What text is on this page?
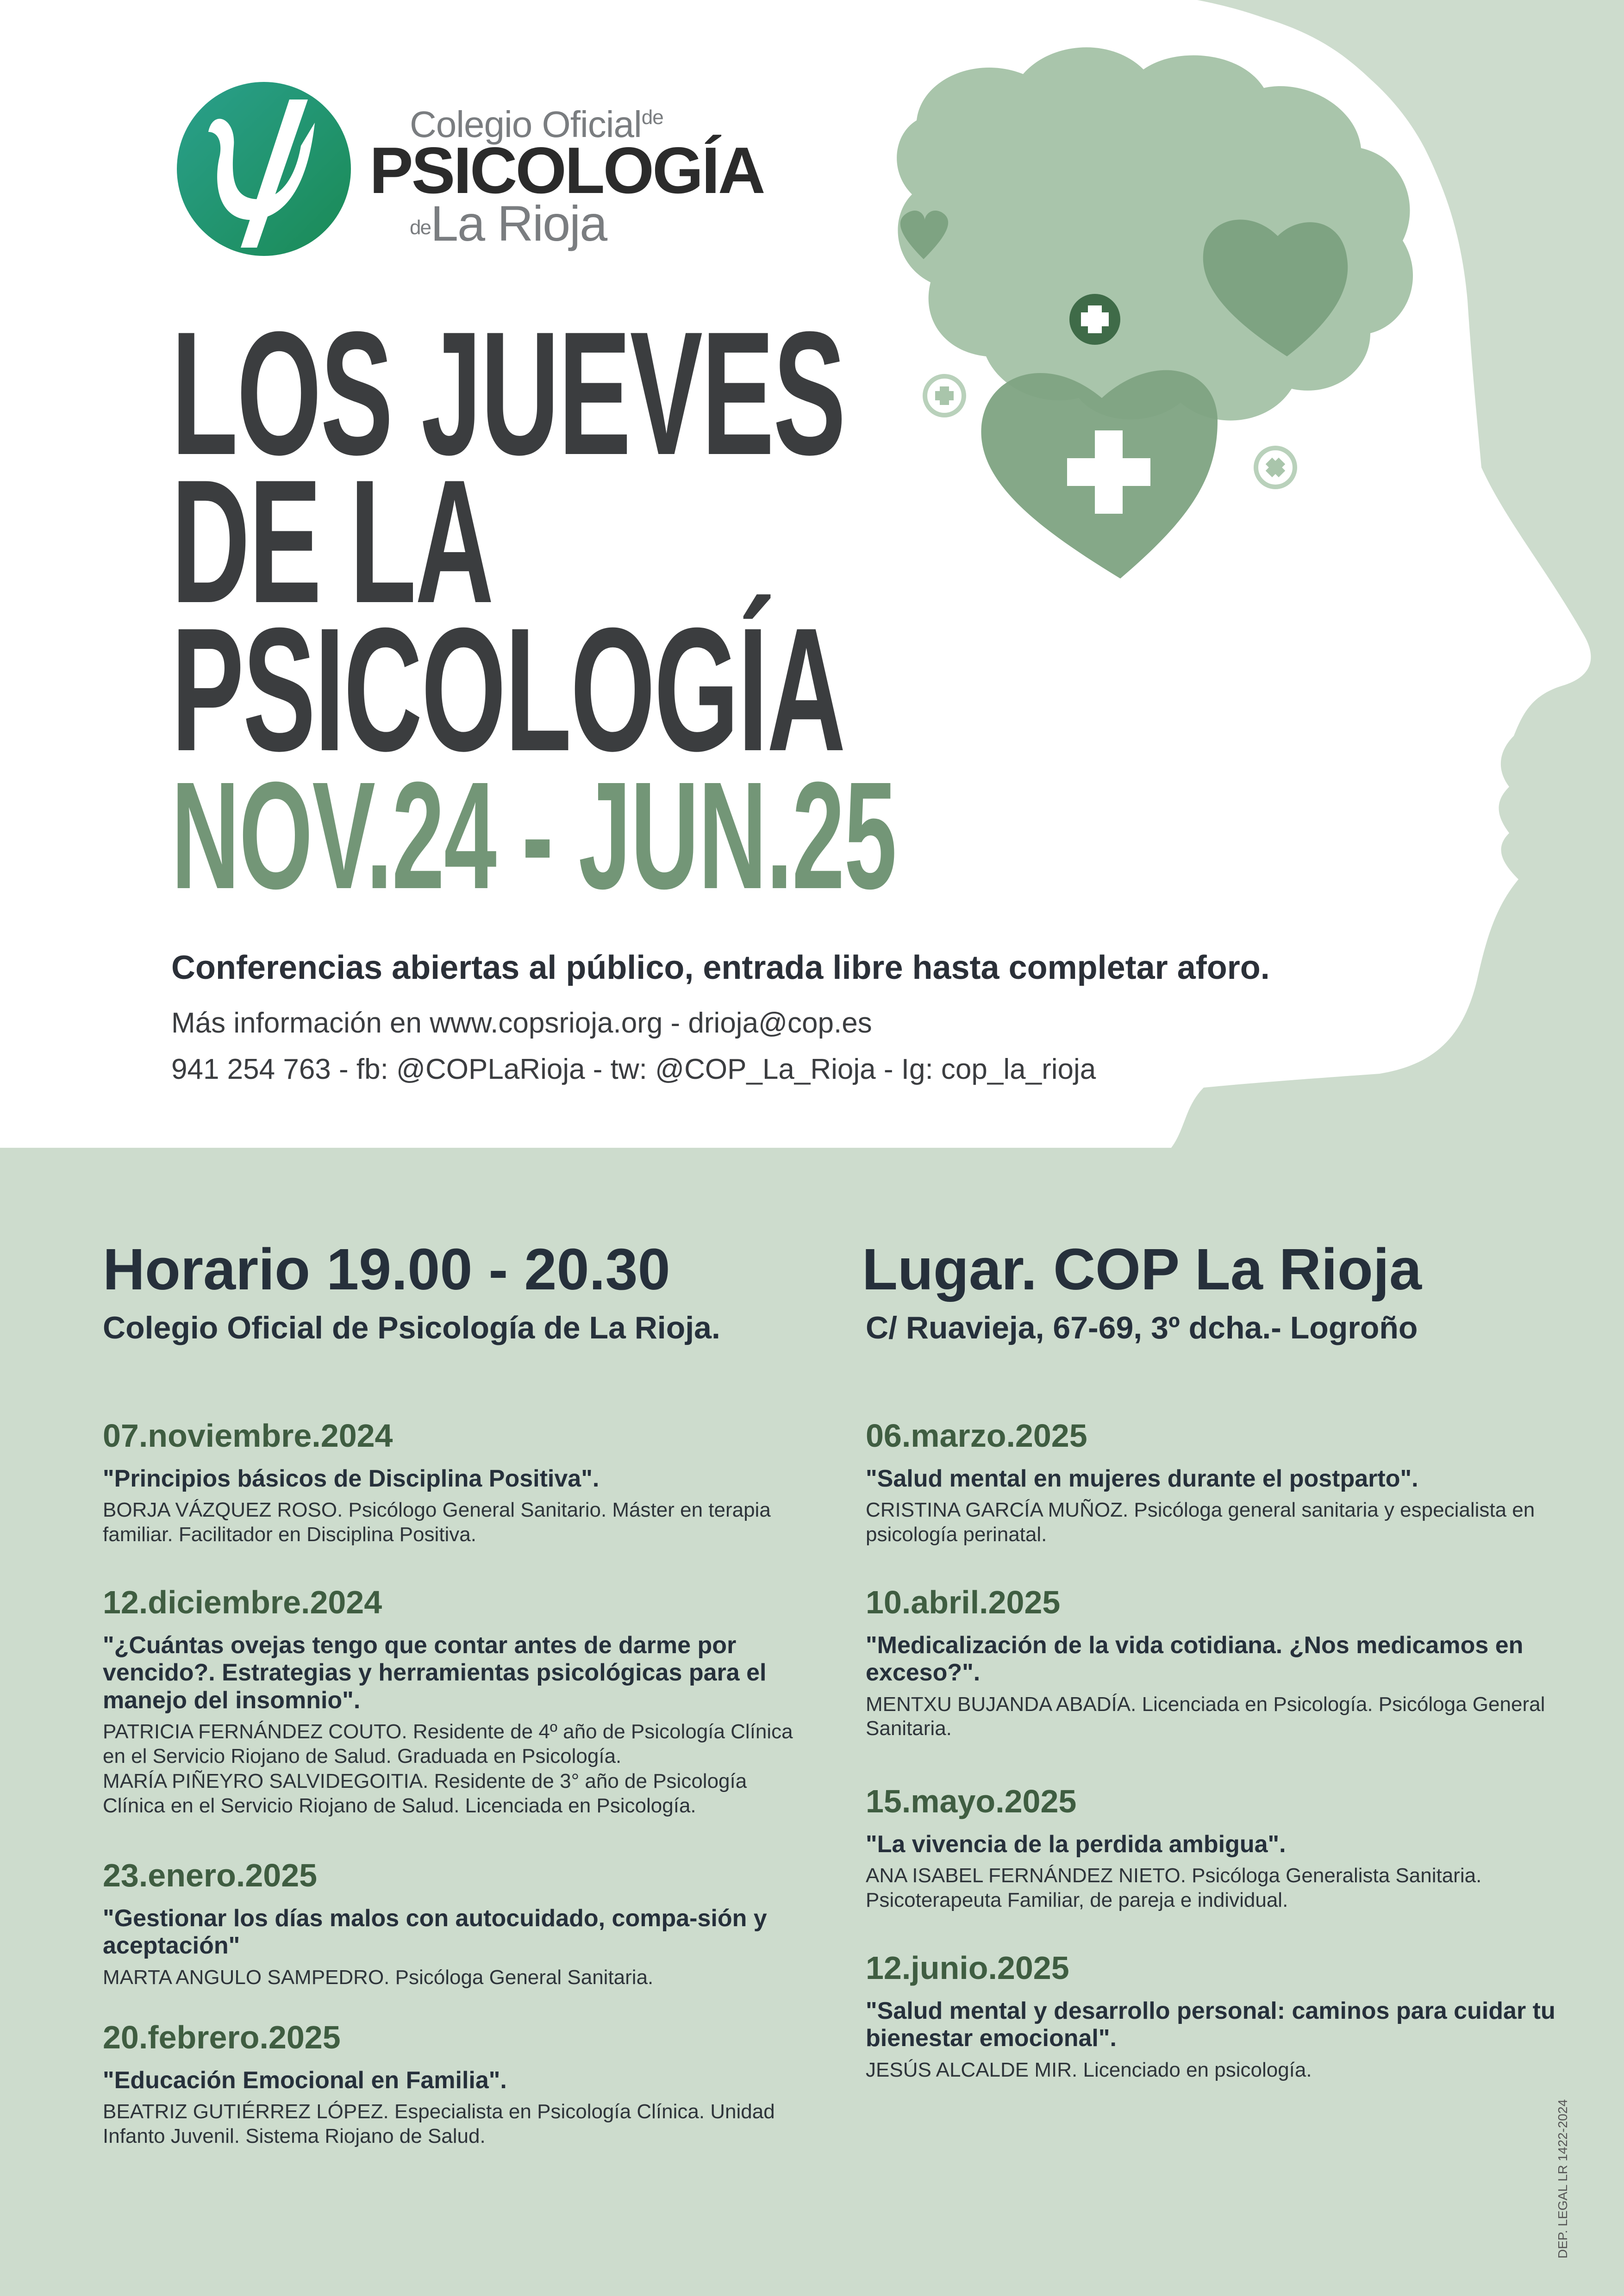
Colegio Oficial$^{de}$
PSICOLOGÍA
$^{de}$La Rioja
LOS JUEVES
DE LA
PSICOLOGÍA
NOV.24 - JUN.25
Conferencias abiertas al público, entrada libre hasta completar aforo.
Más información en www.copsrioja.org - drioja@cop.es
941 254 763 - fb: @COPLaRioja - tw: @COP_La_Rioja - Ig: cop_la_rioja
Horario 19.00 - 20.30
Colegio Oficial de Psicología de La Rioja.
Lugar. COP La Rioja
C/ Ruavieja, 67-69, 3º dcha.- Logroño
07.noviembre.2024
"Principios básicos de Disciplina Positiva".
BORJA VÁZQUEZ ROSO. Psicólogo General Sanitario. Máster en terapia familiar. Facilitador en Disciplina Positiva.
12.diciembre.2024
"¿Cuántas ovejas tengo que contar antes de darme por vencido?. Estrategias y herramientas psicológicas para el manejo del insomnio".
PATRICIA FERNÁNDEZ COUTO. Residente de 4º año de Psicología Clínica en el Servicio Riojano de Salud. Graduada en Psicología.
MARÍA PIÑEYRO SALVIDEGOITIA. Residente de 3° año de Psicología Clínica en el Servicio Riojano de Salud. Licenciada en Psicología.
23.enero.2025
"Gestionar los días malos con autocuidado, compa-sión y aceptación"
MARTA ANGULO SAMPEDRO. Psicóloga General Sanitaria.
20.febrero.2025
"Educación Emocional en Familia".
BEATRIZ GUTIÉRREZ LÓPEZ. Especialista en Psicología Clínica. Unidad Infanto Juvenil. Sistema Riojano de Salud.
06.marzo.2025
"Salud mental en mujeres durante el postparto".
CRISTINA GARCÍA MUÑOZ. Psicóloga general sanitaria y especialista en psicología perinatal.
10.abril.2025
"Medicalización de la vida cotidiana. ¿Nos medicamos en exceso?".
MENTXU BUJANDA ABADÍA. Licenciada en Psicología. Psicóloga General Sanitaria.
15.mayo.2025
"La vivencia de la perdida ambigua".
ANA ISABEL FERNÁNDEZ NIETO. Psicóloga Generalista Sanitaria. Psicoterapeuta Familiar, de pareja e individual.
12.junio.2025
"Salud mental y desarrollo personal: caminos para cuidar tu bienestar emocional".
JESÚS ALCALDE MIR. Licenciado en psicología.
DEP. LEGAL LR 1422-2024
